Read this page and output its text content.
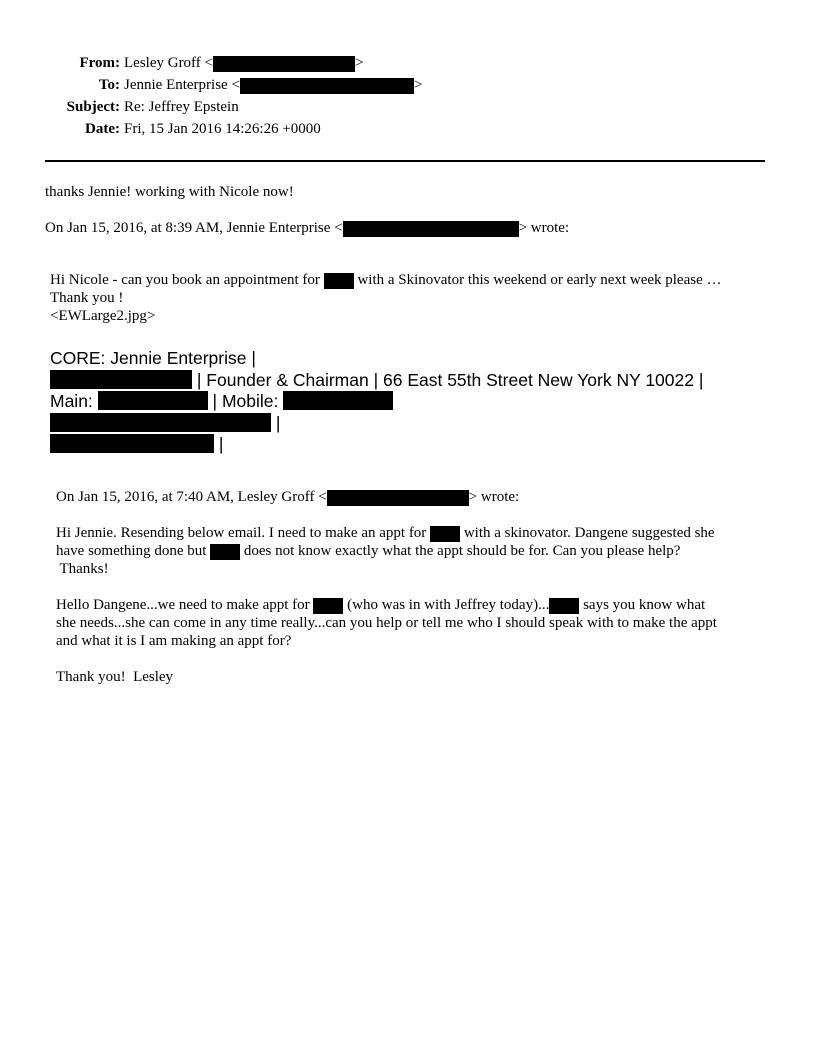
From: Lesley Groff <	>
To: Jennie Enterprise <	>
Subject: Re: Jeffrey Epstein
Date: Fri, 15 Jan 2016 14:26:26 +0000
thanks Jennie! working with Nicole now!
On Jan 15, 2016, at 8:39 AM, Jennie Enterprise <	> wrote:
Hi Nicole - can you book an appointment for	with a Skinovator this weekend or early next week please …
Thank you !
<EWLarge2.jpg>
CORE: Jennie Enterprise |
| Founder & Chairman | 66 East 55th Street New York NY 10022 |
Main:	| Mobile:
|
|
On Jan 15, 2016, at 7:40 AM, Lesley Groff <	> wrote:
Hi Jennie. Resending below email. I need to make an appt for	with a skinovator. Dangene suggested she
have something done but	does not know exactly what the appt should be for. Can you please help?
Thanks!
Hello Dangene...we need to make appt for	(who was in with Jeffrey today)... says you know what
she needs...she can come in any time really...can you help or tell me who I should speak with to make the appt
and what it is I am making an appt for?
Thank you!  Lesley
